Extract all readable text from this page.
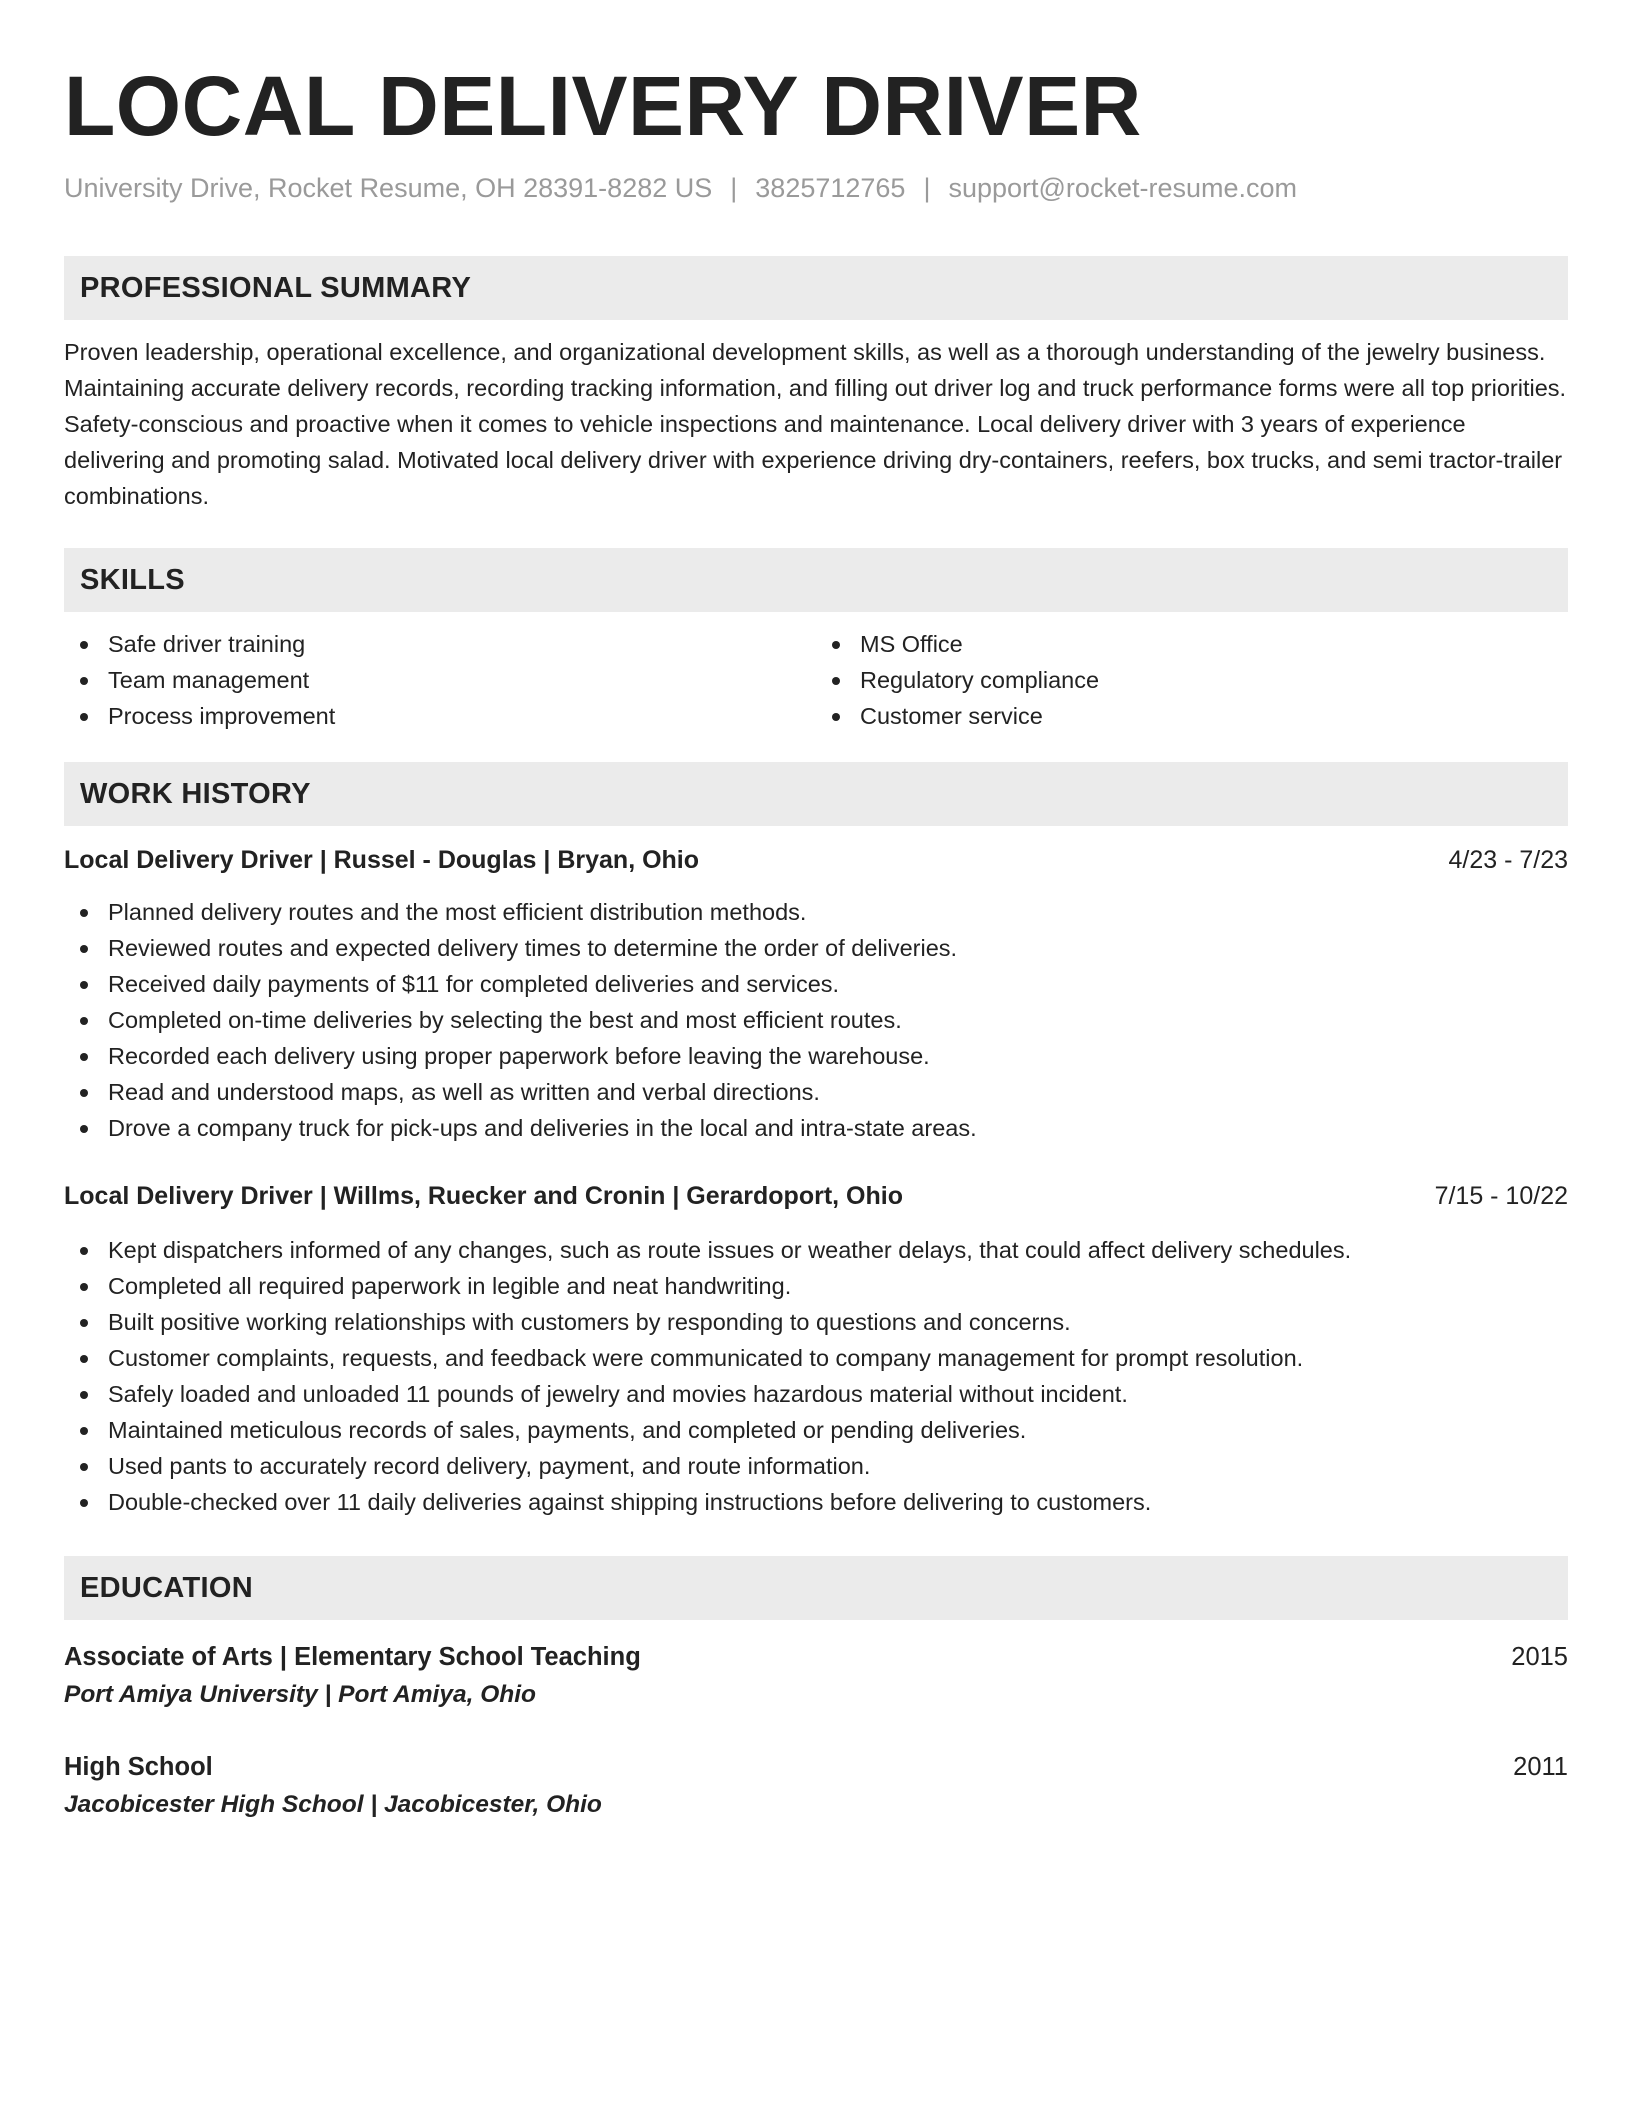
LOCAL DELIVERY DRIVER
University Drive, Rocket Resume, OH 28391-8282 US | 3825712765 | support@rocket-resume.com
PROFESSIONAL SUMMARY

Proven leadership, operational excellence, and organizational development skills, as well as a thorough understanding of the jewelry business. Maintaining accurate delivery records, recording tracking information, and filling out driver log and truck performance forms were all top priorities. Safety-conscious and proactive when it comes to vehicle inspections and maintenance. Local delivery driver with 3 years of experience delivering and promoting salad. Motivated local delivery driver with experience driving dry-containers, reefers, box trucks, and semi tractor-trailer combinations.

SKILLS
Safe driver training
Team management
Process improvement
MS Office
Regulatory compliance
Customer service
WORK HISTORY
Local Delivery Driver | Russel - Douglas | Bryan, Ohio	4/23 - 7/23
Planned delivery routes and the most efficient distribution methods.
Reviewed routes and expected delivery times to determine the order of deliveries.
Received daily payments of $11 for completed deliveries and services.
Completed on-time deliveries by selecting the best and most efficient routes.
Recorded each delivery using proper paperwork before leaving the warehouse.
Read and understood maps, as well as written and verbal directions.
Drove a company truck for pick-ups and deliveries in the local and intra-state areas.
Local Delivery Driver | Willms, Ruecker and Cronin | Gerardoport, Ohio	7/15 - 10/22
Kept dispatchers informed of any changes, such as route issues or weather delays, that could affect delivery schedules.
Completed all required paperwork in legible and neat handwriting.
Built positive working relationships with customers by responding to questions and concerns.
Customer complaints, requests, and feedback were communicated to company management for prompt resolution.
Safely loaded and unloaded 11 pounds of jewelry and movies hazardous material without incident.
Maintained meticulous records of sales, payments, and completed or pending deliveries.
Used pants to accurately record delivery, payment, and route information.
Double-checked over 11 daily deliveries against shipping instructions before delivering to customers.
EDUCATION
Associate of Arts | Elementary School Teaching	2015
Port Amiya University | Port Amiya, Ohio
High School	2011
Jacobicester High School | Jacobicester, Ohio
